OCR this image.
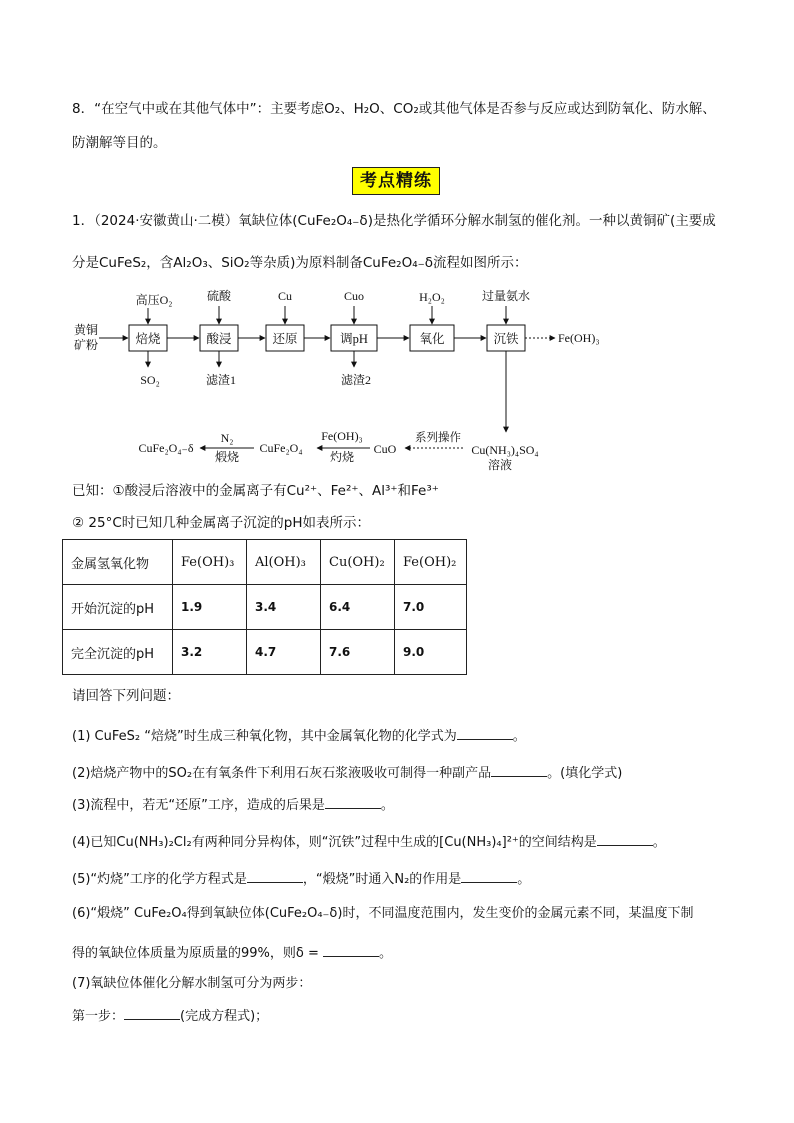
8．“在空气中或在其他气体中”：主要考虑O₂、H₂O、CO₂或其他气体是否参与反应或达到防氧化、防水解、
防潮解等目的。
考点精练
1．（2024·安徽黄山·二模）氧缺位体(CuFe₂O₄₋δ)是热化学循环分解水制氢的催化剂。一种以黄铜矿(主要成
分是CuFeS₂，含Al₂O₃、SiO₂等杂质)为原料制备CuFe₂O₄₋δ流程如图所示：
黄铜
矿粉	焙烧	酸浸	还原	调pH	氧化	沉铁	Fe(OH)₃
高压O₂	硫酸	Cu	Cuo	H₂O₂	过量氨水
SO₂	滤渣1	滤渣2
Cu(NH₃)₄SO₄
溶液
系列操作
CuO
Fe(OH)₃
灼烧
CuFe₂O₄
N₂
煅烧
CuFe₂O₄₋δ
已知：①酸浸后溶液中的金属离子有Cu²⁺、Fe²⁺、Al³⁺和Fe³⁺
② 25°C时已知几种金属离子沉淀的pH如表所示：
金属氢氧化物	Fe(OH)₃	Al(OH)₃	Cu(OH)₂	Fe(OH)₂
开始沉淀的pH	1.9	3.4	6.4	7.0
完全沉淀的pH	3.2	4.7	7.6	9.0
请回答下列问题：
(1) CuFeS₂ “焙烧”时生成三种氧化物，其中金属氧化物的化学式为	。
(2)焙烧产物中的SO₂在有氧条件下利用石灰石浆液吸收可制得一种副产品	。(填化学式)
(3)流程中，若无“还原”工序，造成的后果是	。
(4)已知Cu(NH₃)₂Cl₂有两种同分异构体，则“沉铁”过程中生成的[Cu(NH₃)₄]²⁺的空间结构是	。
(5)“灼烧”工序的化学方程式是	，“煅烧”时通入N₂的作用是	。
(6)“煅烧” CuFe₂O₄得到氧缺位体(CuFe₂O₄₋δ)时，不同温度范围内，发生变价的金属元素不同，某温度下制
得的氧缺位体质量为原质量的99%，则δ =	。
(7)氧缺位体催化分解水制氢可分为两步：
第一步：	(完成方程式)；
